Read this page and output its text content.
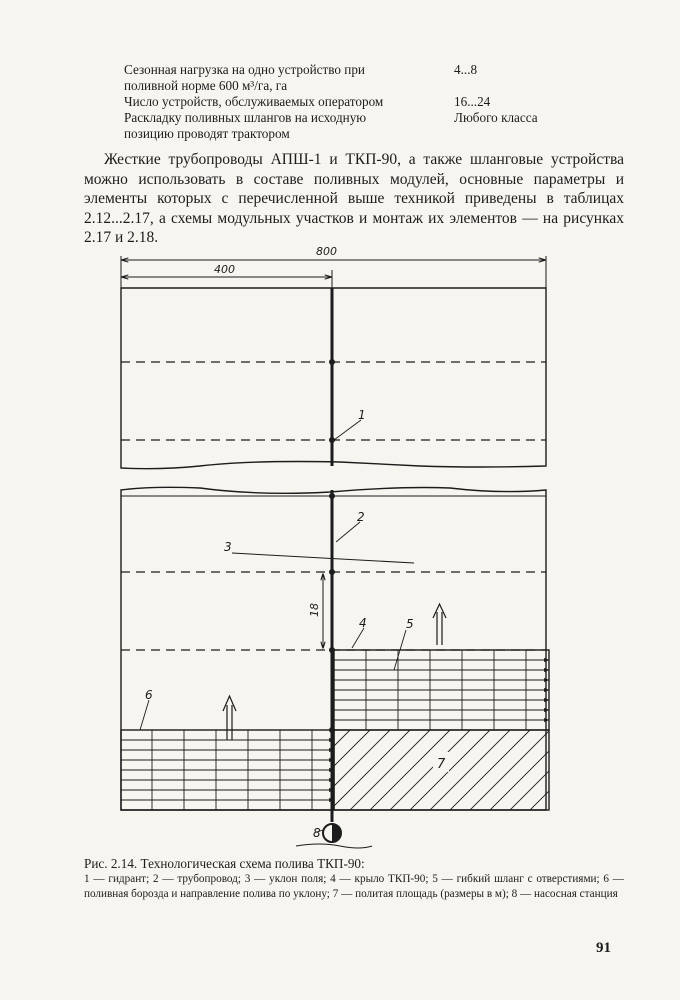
Сезонная нагрузка на одно устройство при	4...8
поливной норме 600 м³/га, га
Число устройств, обслуживаемых оператором	16...24
Раскладку поливных шлангов на исходную	Любого класса
позицию проводят трактором

Жесткие трубопроводы АПШ-1 и ТКП-90, а также шланговые устройства можно использовать в составе поливных модулей, основные параметры и элементы которых с перечисленной выше техникой приведены в таблицах 2.12...2.17, а схемы модульных участков и монтаж их элементов — на рисунках 2.17 и 2.18.

800
400
18
1
2
3
4	5
6
7
8

Рис. 2.14. Технологическая схема полива ТКП-90:

1 — гидрант; 2 — трубопровод; 3 — уклон поля; 4 — крыло ТКП-90; 5 — гибкий шланг с отверстиями; 6 — поливная борозда и направление полива по уклону; 7 — политая площадь (размеры в м); 8 — насосная станция

91
